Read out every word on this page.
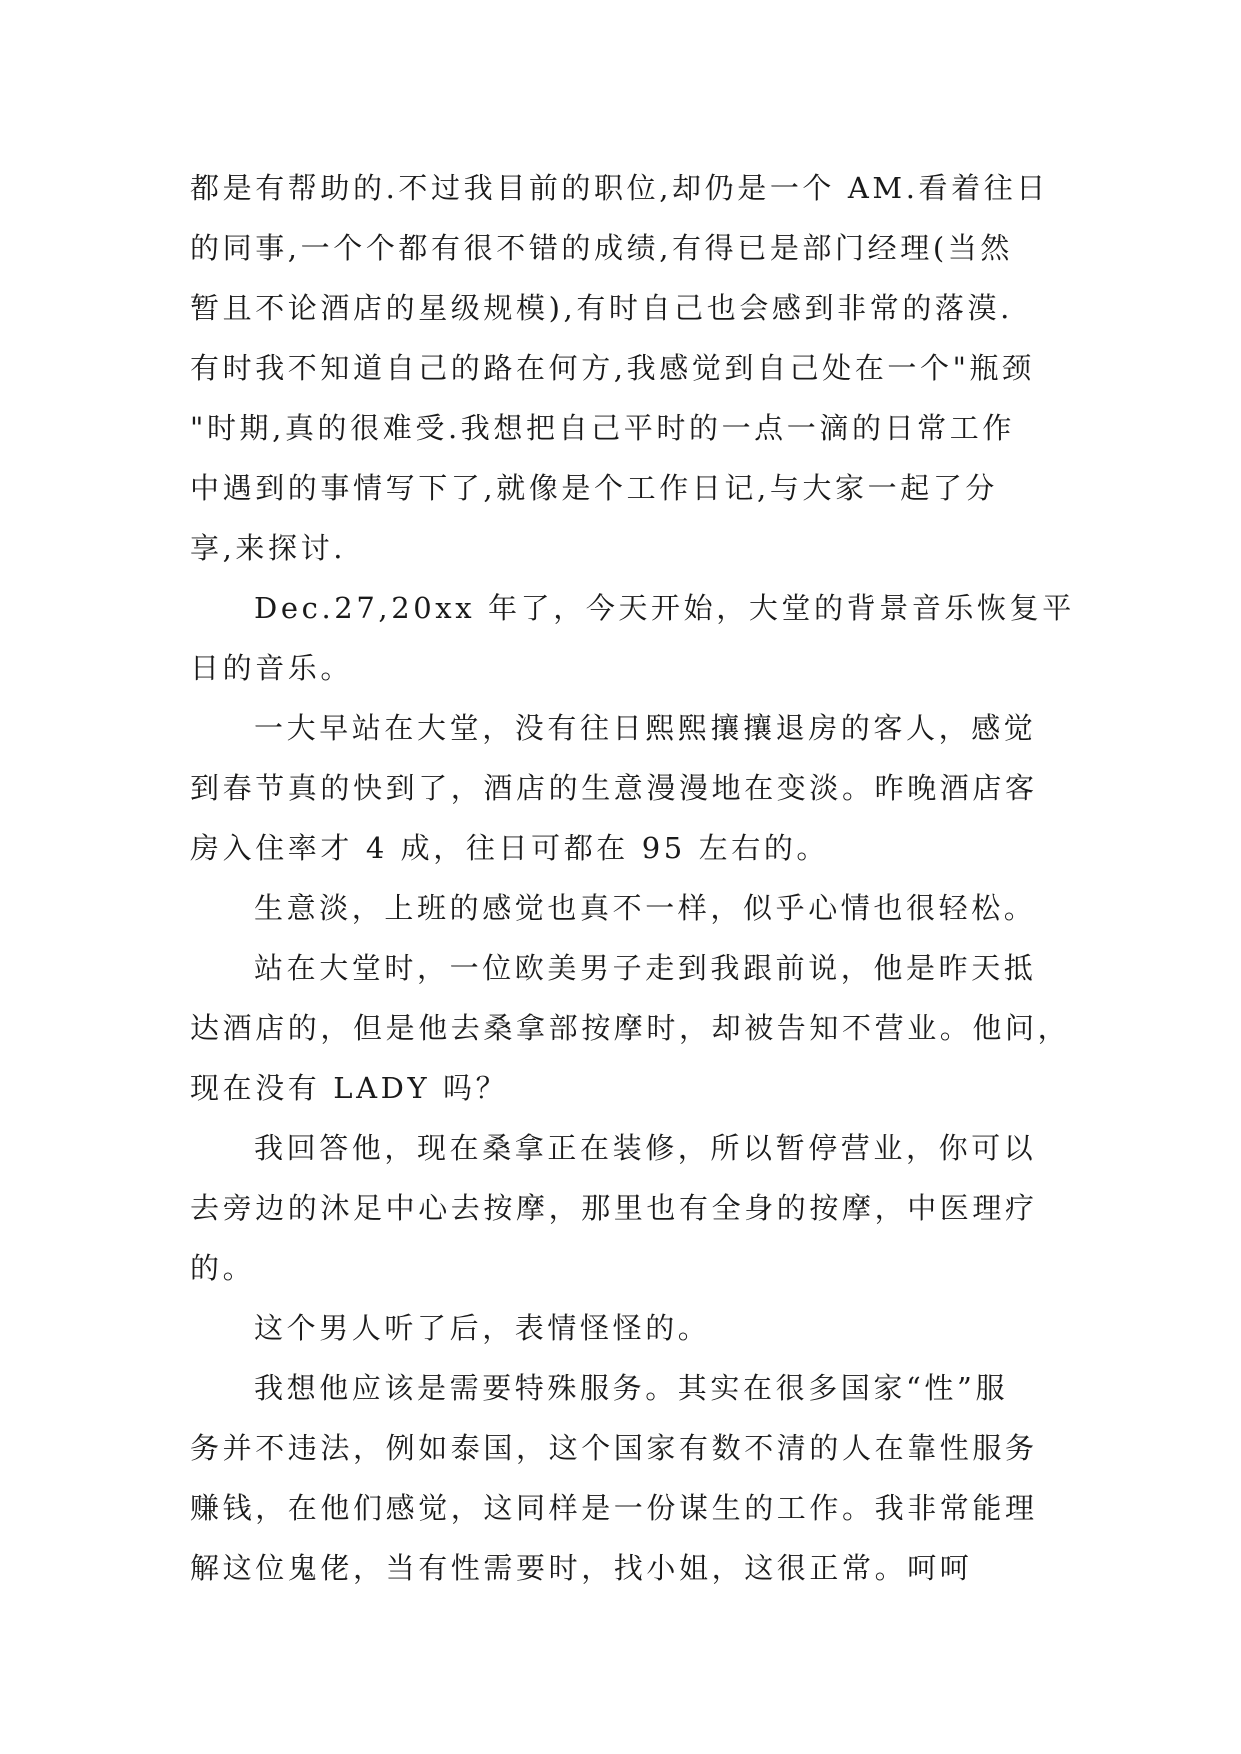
都是有帮助的.不过我目前的职位,却仍是一个 AM.看着往日
的同事,一个个都有很不错的成绩,有得已是部门经理(当然
暂且不论酒店的星级规模),有时自己也会感到非常的落漠.
有时我不知道自己的路在何方,我感觉到自己处在一个"瓶颈
"时期,真的很难受.我想把自己平时的一点一滴的日常工作
中遇到的事情写下了,就像是个工作日记,与大家一起了分
享,来探讨.
Dec.27,20xx 年了，今天开始，大堂的背景音乐恢复平
日的音乐。
一大早站在大堂，没有往日熙熙攘攘退房的客人，感觉
到春节真的快到了，酒店的生意漫漫地在变淡。昨晚酒店客
房入住率才 4 成，往日可都在 95 左右的。
生意淡，上班的感觉也真不一样，似乎心情也很轻松。
站在大堂时，一位欧美男子走到我跟前说，他是昨天抵
达酒店的，但是他去桑拿部按摩时，却被告知不营业。他问，
现在没有 LADY 吗？
我回答他，现在桑拿正在装修，所以暂停营业，你可以
去旁边的沐足中心去按摩，那里也有全身的按摩，中医理疗
的。
这个男人听了后，表情怪怪的。
我想他应该是需要特殊服务。其实在很多国家“性”服
务并不违法，例如泰国，这个国家有数不清的人在靠性服务
赚钱，在他们感觉，这同样是一份谋生的工作。我非常能理
解这位鬼佬，当有性需要时，找小姐，这很正常。呵呵
